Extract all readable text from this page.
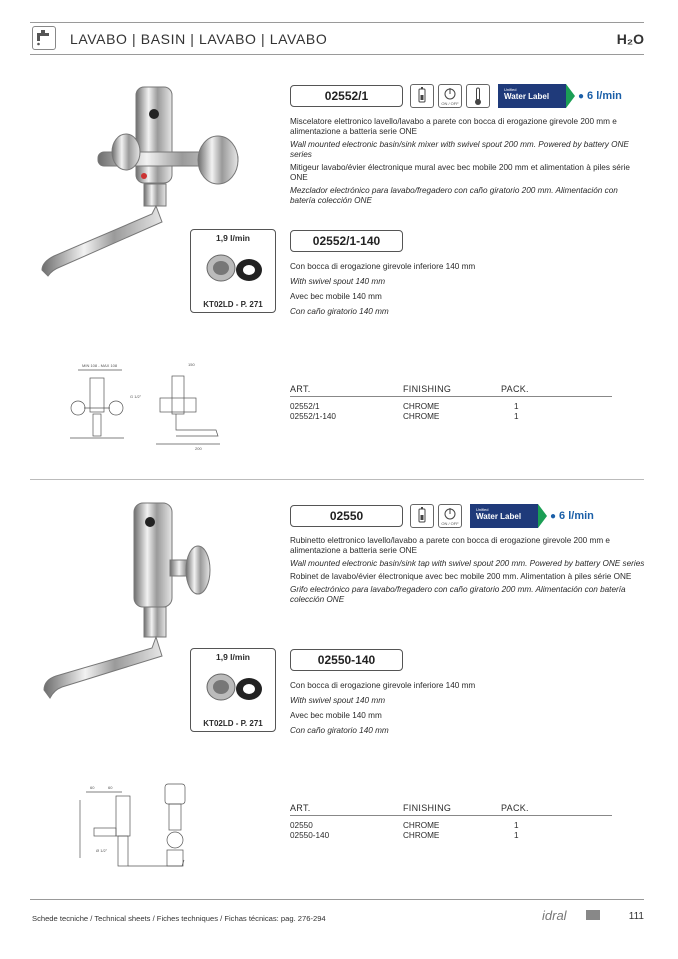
LAVABO | BASIN | LAVABO | LAVABO	H₂O
02552/1
ON / OFF
Unified
Water Label	● 6 l/min

Miscelatore elettronico lavello/lavabo a parete con bocca di erogazione girevole 200 mm e alimentazione a batteria serie ONE

Wall mounted electronic basin/sink mixer with swivel spout 200 mm. Powered by battery ONE series

Mitigeur lavabo/évier électronique mural avec bec mobile 200 mm et alimentation à piles série ONE

Mezclador electrónico para lavabo/fregadero con caño giratorio 200 mm. Alimentación con batería colección ONE

1,9 l/min
KT02LD - P. 271
02552/1-140

Con bocca di erogazione girevole inferiore 140 mm

With swivel spout 140 mm

Avec bec mobile 140 mm

Con caño giratorio 140 mm

MIN 108 - MAX 108	150
G 1/2"
200
ART.	FINISHING	PACK.
02552/1	CHROME	1
02552/1-140	CHROME	1
02550
ON / OFF
Unified
Water Label	● 6 l/min

Rubinetto elettronico lavello/lavabo a parete con bocca di erogazione girevole 200 mm e alimentazione a batteria serie ONE

Wall mounted electronic basin/sink tap with swivel spout 200 mm. Powered by battery ONE series

Robinet de lavabo/évier électronique avec bec mobile 200 mm. Alimentation à piles série ONE

Grifo electrónico para lavabo/fregadero con caño giratorio 200 mm. Alimentación con batería colección ONE

1,9 l/min
KT02LD - P. 271
02550-140

Con bocca di erogazione girevole inferiore 140 mm

With swivel spout 140 mm

Avec bec mobile 140 mm

Con caño giratorio 140 mm

60	60
Ø 1/2"
ART.	FINISHING	PACK.
02550	CHROME	1
02550-140	CHROME	1
Schede tecniche / Technical sheets / Fiches techniques / Fichas técnicas: pag. 276-294	idral	111
